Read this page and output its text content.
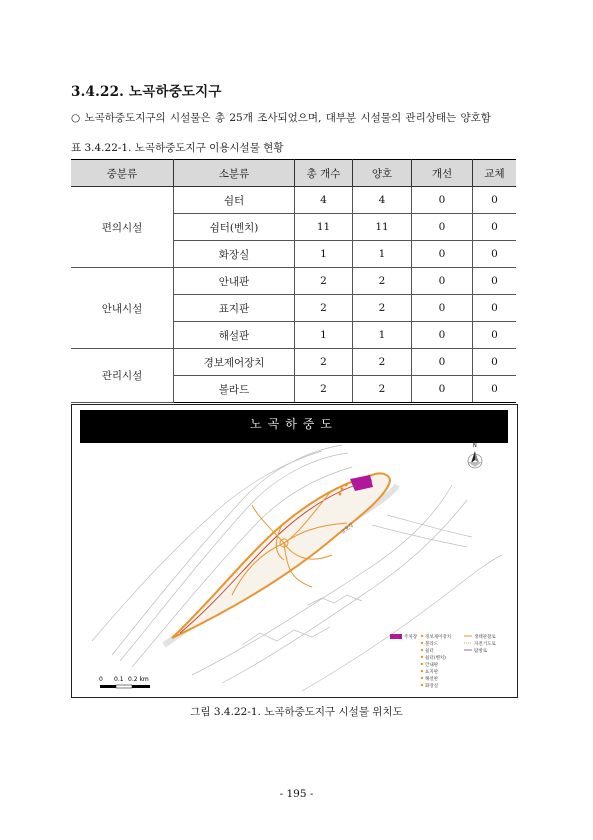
3.4.22. 노곡하중도지구
○ 노곡하중도지구의 시설물은 총 25개 조사되었으며, 대부분 시설물의 관리상태는 양호함
표 3.4.22-1. 노곡하중도지구 이용시설물 현황
중분류	소분류	총 개수	양호	개선	교체
편의시설	쉼터	4	4	0	0
	쉼터(벤치)	11	11	0	0
	화장실	1	1	0	0
안내시설	안내판	2	2	0	0
	표지판	2	2	0	0
	해설판	1	1	0	0
관리시설	경보제어장치	2	2	0	0
	볼라드	2	2	0	0
노곡하중도
0 0.1 0.2 km
N
금호강
주차장 경보제어장치
볼라드
쉼터
쉼터(벤치)
안내판
표지판
해설판
화장실
생태관찰로
자전거도로
탐방로
그림 3.4.22-1. 노곡하중도지구 시설물 위치도
- 195 -
